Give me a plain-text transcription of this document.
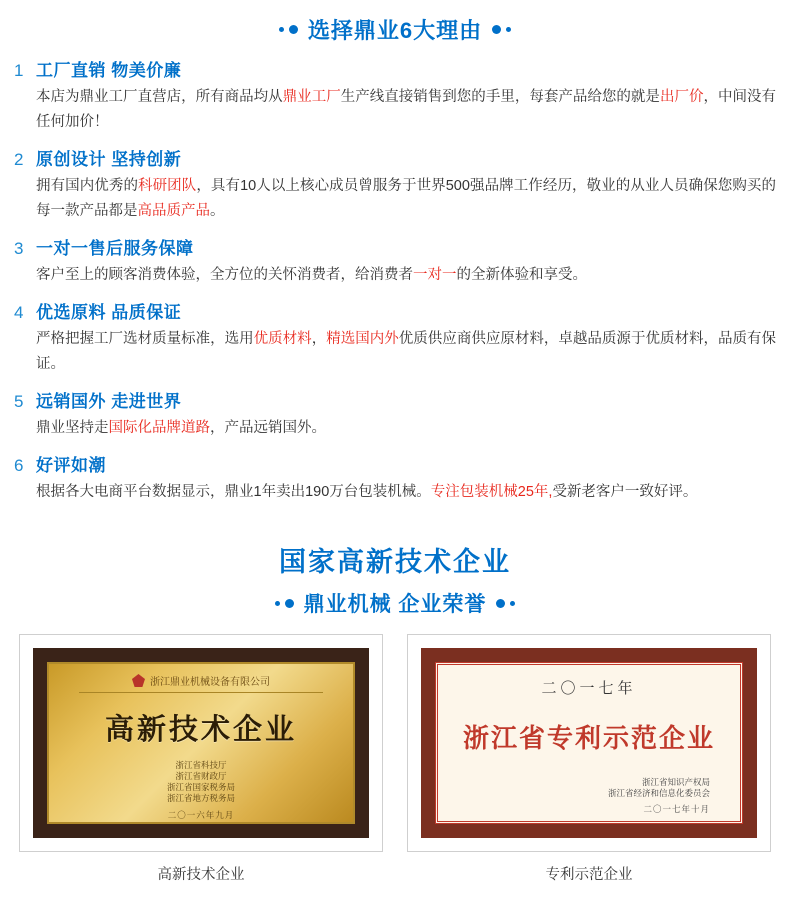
选择鼎业6大理由
1 工厂直销 物美价廉
本店为鼎业工厂直营店，所有商品均从鼎业工厂生产线直接销售到您的手里，每套产品给您的就是出厂价，中间没有任何加价！
2 原创设计 坚持创新
拥有国内优秀的科研团队，具有10人以上核心成员曾服务于世界500强品牌工作经历，敬业的从业人员确保您购买的每一款产品都是高品质产品。
3 一对一售后服务保障
客户至上的顾客消费体验，全方位的关怀消费者，给消费者一对一的全新体验和享受。
4 优选原料 品质保证
严格把握工厂选材质量标准，选用优质材料，精选国内外优质供应商供应原材料，卓越品质源于优质材料，品质有保证。
5 远销国外 走进世界
鼎业坚持走国际化品牌道路，产品远销国外。
6 好评如潮
根据各大电商平台数据显示，鼎业1年卖出190万台包装机械。专注包装机械25年,受新老客户一致好评。
国家高新技术企业
鼎业机械 企业荣誉
浙江鼎业机械设备有限公司
高新技术企业
浙江省科技厅
浙江省财政厅
浙江省国家税务局
浙江省地方税务局
二〇一六年九月
高新技术企业
二〇一七年
浙江省专利示范企业
浙江省知识产权局
浙江省经济和信息化委员会
二〇一七年十月
专利示范企业
